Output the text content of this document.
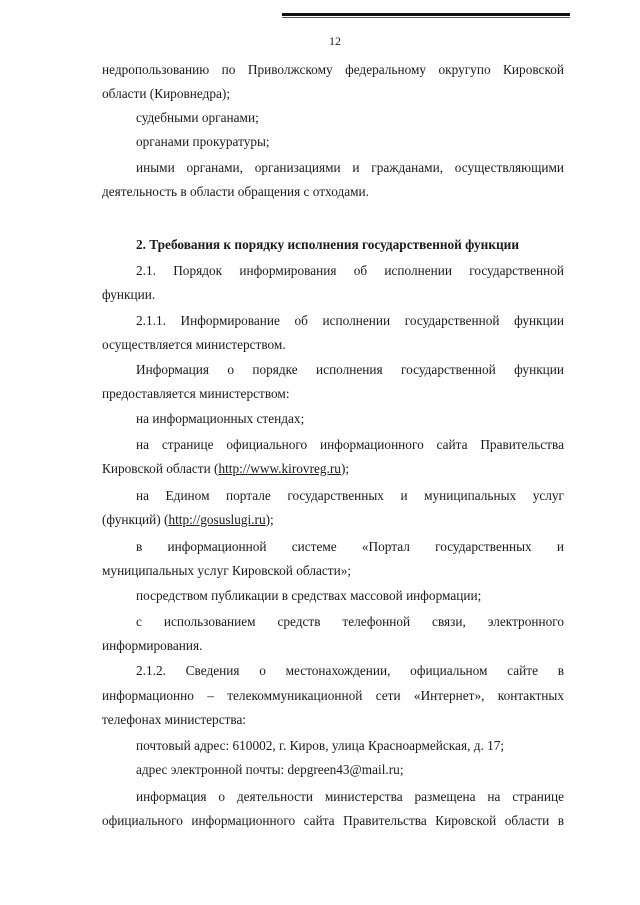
12
недропользованию по Приволжскому федеральному округупо Кировской
области (Кировнедра);
судебными органами;
органами прокуратуры;
иными органами, организациями и гражданами, осуществляющими
деятельность в области обращения с отходами.
2. Требования к порядку исполнения государственной функции
2.1. Порядок информирования об исполнении государственной
функции.
2.1.1. Информирование об исполнении государственной функции
осуществляется министерством.
Информация о порядке исполнения государственной функции
предоставляется министерством:
на информационных стендах;
на странице официального информационного сайта Правительства
Кировской области (http://www.kirovreg.ru);
на Едином портале государственных и муниципальных услуг
(функций) (http://gosuslugi.ru);
в информационной системе «Портал государственных и
муниципальных услуг Кировской области»;
посредством публикации в средствах массовой информации;
с использованием средств телефонной связи, электронного
информирования.
2.1.2. Сведения о местонахождении, официальном сайте в
информационно – телекоммуникационной сети «Интернет», контактных
телефонах министерства:
почтовый адрес: 610002, г. Киров, улица Красноармейская, д. 17;
адрес электронной почты: depgreen43@mail.ru;
информация о деятельности министерства размещена на странице
официального информационного сайта Правительства Кировской области в
